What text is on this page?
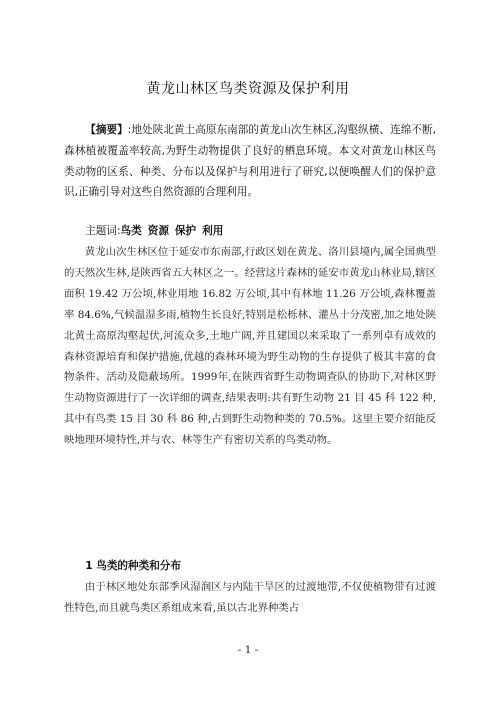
黄龙山林区鸟类资源及保护利用

【摘要】:地处陕北黄土高原东南部的黄龙山次生林区,沟壑纵横、连绵不断,森林植被覆盖率较高,为野生动物提供了良好的栖息环境。本文对黄龙山林区鸟类动物的区系、种类、分布以及保护与利用进行了研究,以便唤醒人们的保护意识,正确引导对这些自然资源的合理利用。

主题词:鸟类 资源 保护 利用

黄龙山次生林区位于延安市东南部,行政区划在黄龙、洛川县境内,属全国典型的天然次生林,是陕西省五大林区之一。经营这片森林的延安市黄龙山林业局,辖区面积 19.42 万公顷,林业用地 16.82 万公顷,其中有林地 11.26 万公顷,森林覆盖率 84.6%,气候温湿多雨,植物生长良好,特别是松栎林、灌丛十分茂密,加之地处陕北黄土高原沟壑起伏,河流众多,土地广阔,并且建国以来采取了一系列卓有成效的森林资源培育和保护措施,优越的森林环境为野生动物的生存提供了极其丰富的食物条件、活动及隐蔽场所。1999年,在陕西省野生动物调查队的协助下,对林区野生动物资源进行了一次详细的调查,结果表明:共有野生动物 21 目 45 科 122 种,其中有鸟类 15 目 30 科 86 种,占到野生动物种类的 70.5%。这里主要介绍能反映地理环境特性,并与农、林等生产有密切关系的鸟类动物。

1 鸟类的种类和分布

由于林区地处东部季风湿润区与内陆干旱区的过渡地带,不仅使植物带有过渡性特色,而且就鸟类区系组成来看,虽以古北界种类占

- 1 -
